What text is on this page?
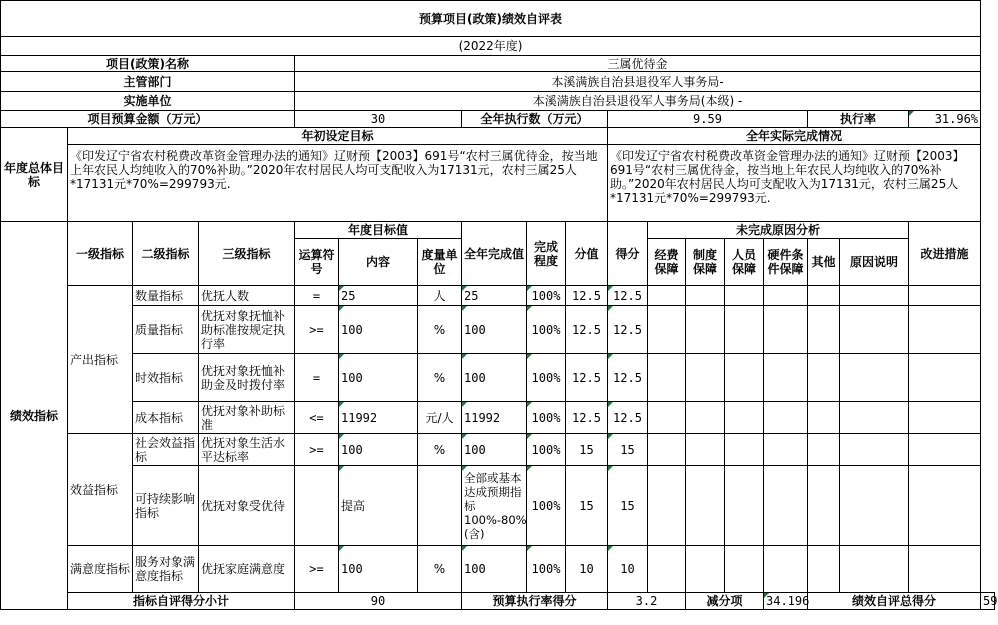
预算项目(政策)绩效自评表																		
(2022年度)																		
项目(政策)名称				三属优待金														
主管部门				本溪满族自治县退役军人事务局-														
实施单位				本溪满族自治县退役军人事务局(本级) -														
项目预算金额（万元）				30			全年执行数（万元）			9.59					执行率		31.96%	
年度总体目标	年初设定目标									全年实际完成情况								
	《印发辽宁省农村税费改革资金管理办法的通知》辽财预【2003】691号“农村三属优待金，按当地上年农民人均纯收入的70%补助。”2020年农村居民人均可支配收入为17131元，农村三属25人*17131元*70%=299793元.									《印发辽宁省农村税费改革资金管理办法的通知》辽财预【2003】691号“农村三属优待金，按当地上年农民人均纯收入的70%补助。”2020年农村居民人均可支配收入为17131元，农村三属25人*17131元*70%=299793元.								
绩效指标	一级指标	二级指标	三级指标	年度目标值			全年完成值	完成程度	分值	得分	未完成原因分析						改进措施	
				运算符号	内容	度量单位					经费保障	制度保障	人员保障	硬件条件保障	其他	原因说明		
	产出指标	数量指标	优抚人数	=	25	人	25	100%	12.5	12.5								
		质量指标	优抚对象抚恤补助标准按规定执行率	>=	100	%	100	100%	12.5	12.5								
		时效指标	优抚对象抚恤补助金及时拨付率	=	100	%	100	100%	12.5	12.5								
		成本指标	优抚对象补助标准	<=	11992	元/人	11992	100%	12.5	12.5								
	效益指标	社会效益指标	优抚对象生活水平达标率	>=	100	%	100	100%	15	15								
		可持续影响指标	优抚对象受优待		提高		全部或基本达成预期指标100%-80%(含)	100%	15	15								
	满意度指标	服务对象满意度指标	优抚家庭满意度	>=	100	%	100	100%	10	10								
	指标自评得分小计			90			预算执行率得分			3.2		减分项		34.196	绩效自评总得分			59
